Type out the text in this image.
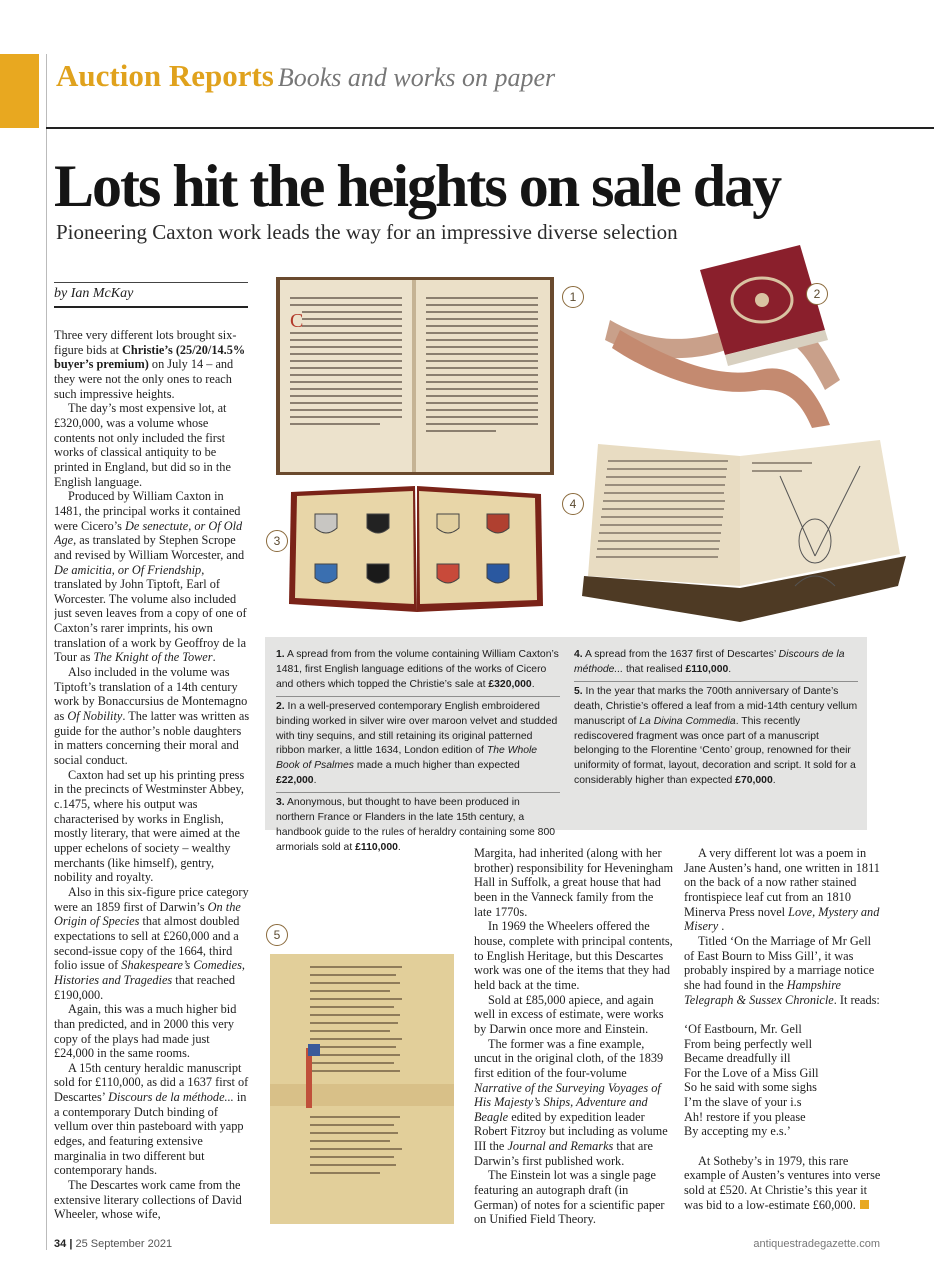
Auction Reports Books and works on paper
Lots hit the heights on sale day
Pioneering Caxton work leads the way for an impressive diverse selection
by Ian McKay

Three very different lots brought six-figure bids at Christie’s (25/20/14.5% buyer’s premium) on July 14 – and they were not the only ones to reach such impressive heights.

The day’s most expensive lot, at £320,000, was a volume whose contents not only included the first works of classical antiquity to be printed in England, but did so in the English language.

Produced by William Caxton in 1481, the principal works it contained were Cicero’s De senectute, or Of Old Age, as translated by Stephen Scrope and revised by William Worcester, and De amicitia, or Of Friendship, translated by John Tiptoft, Earl of Worcester. The volume also included just seven leaves from a copy of one of Caxton’s rarer imprints, his own translation of a work by Geoffroy de la Tour as The Knight of the Tower.

Also included in the volume was Tiptoft’s translation of a 14th century work by Bonaccursius de Montemagno as Of Nobility. The latter was written as guide for the author’s noble daughters in matters concerning their moral and social conduct.

Caxton had set up his printing press in the precincts of Westminster Abbey, c.1475, where his output was characterised by works in English, mostly literary, that were aimed at the upper echelons of society – wealthy merchants (like himself), gentry, nobility and royalty.

Also in this six-figure price category were an 1859 first of Darwin’s On the Origin of Species that almost doubled expectations to sell at £260,000 and a second-issue copy of the 1664, third folio issue of Shakespeare’s Comedies, Histories and Tragedies that reached £190,000.

Again, this was a much higher bid than predicted, and in 2000 this very copy of the plays had made just £24,000 in the same rooms.

A 15th century heraldic manuscript sold for £110,000, as did a 1637 first of Descartes’ Discours de la méthode... in a contemporary Dutch binding of vellum over thin pasteboard with yapp edges, and featuring extensive marginalia in two different but contemporary hands.

The Descartes work came from the extensive literary collections of David Wheeler, whose wife,

C
1	2
3
4
5
1. A spread from from the volume containing William Caxton’s 1481, first English language editions of the works of Cicero and others which topped the Christie’s sale at £320,000.
2. In a well-preserved contemporary English embroidered binding worked in silver wire over maroon velvet and studded with tiny sequins, and still retaining its original patterned ribbon marker, a little 1634, London edition of The Whole Book of Psalmes made a much higher than expected £22,000.
3. Anonymous, but thought to have been produced in northern France or Flanders in the late 15th century, a handbook guide to the rules of heraldry containing some 800 armorials sold at £110,000.
4. A spread from the 1637 first of Descartes’ Discours de la méthode... that realised £110,000.
5. In the year that marks the 700th anniversary of Dante’s death, Christie’s offered a leaf from a mid-14th century vellum manuscript of La Divina Commedia. This recently rediscovered fragment was once part of a manuscript belonging to the Florentine ‘Cento’ group, renowned for their uniformity of format, layout, decoration and script. It sold for a considerably higher than expected £70,000.

Margita, had inherited (along with her brother) responsibility for Heveningham Hall in Suffolk, a great house that had been in the Vanneck family from the late 1770s.

In 1969 the Wheelers offered the house, complete with principal contents, to English Heritage, but this Descartes work was one of the items that they had held back at the time.

Sold at £85,000 apiece, and again well in excess of estimate, were works by Darwin once more and Einstein.

The former was a fine example, uncut in the original cloth, of the 1839 first edition of the four-volume Narrative of the Surveying Voyages of His Majesty’s Ships, Adventure and Beagle edited by expedition leader Robert Fitzroy but including as volume III the Journal and Remarks that are Darwin’s first published work.

The Einstein lot was a single page featuring an autograph draft (in German) of notes for a scientific paper on Unified Field Theory.

A very different lot was a poem in Jane Austen’s hand, one written in 1811 on the back of a now rather stained frontispiece leaf cut from an 1810 Minerva Press novel Love, Mystery and Misery .

Titled ‘On the Marriage of Mr Gell of East Bourn to Miss Gill’, it was probably inspired by a marriage notice she had found in the Hampshire Telegraph & Sussex Chronicle. It reads:

‘Of Eastbourn, Mr. Gell
From being perfectly well
Became dreadfully ill
For the Love of a Miss Gill
So he said with some sighs
I’m the slave of your i.s
Ah! restore if you please
By accepting my e.s.’

At Sotheby’s in 1979, this rare example of Austen’s ventures into verse sold at £520. At Christie’s this year it was bid to a low-estimate £60,000.

34 | 25 September 2021	antiquestradegazette.com
